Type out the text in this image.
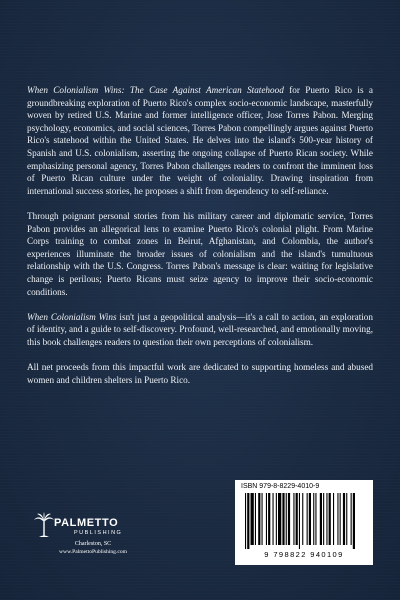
When Colonialism Wins: The Case Against American Statehood for Puerto Rico is a groundbreaking exploration of Puerto Rico's complex socio-economic landscape, masterfully woven by retired U.S. Marine and former intelligence officer, Jose Torres Pabon. Merging psychology, economics, and social sciences, Torres Pabon compellingly argues against Puerto Rico's statehood within the United States. He delves into the island's 500-year history of Spanish and U.S. colonialism, asserting the ongoing collapse of Puerto Rican society. While emphasizing personal agency, Torres Pabon challenges readers to confront the imminent loss of Puerto Rican culture under the weight of coloniality. Drawing inspiration from international success stories, he proposes a shift from dependency to self-reliance.

Through poignant personal stories from his military career and diplomatic service, Torres Pabon provides an allegorical lens to examine Puerto Rico's colonial plight. From Marine Corps training to combat zones in Beirut, Afghanistan, and Colombia, the author's experiences illuminate the broader issues of colonialism and the island's tumultuous relationship with the U.S. Congress. Torres Pabon's message is clear: waiting for legislative change is perilous; Puerto Ricans must seize agency to improve their socio-economic conditions.

When Colonialism Wins isn't just a geopolitical analysis—it's a call to action, an exploration of identity, and a guide to self-discovery. Profound, well-researched, and emotionally moving, this book challenges readers to question their own perceptions of colonialism.

All net proceeds from this impactful work are dedicated to supporting homeless and abused women and children shelters in Puerto Rico.

PALMETTO
PUBLISHING
Charleston, SC
www.PalmettoPublishing.com
ISBN 979-8-8229-4010-9
9 798822 940109
